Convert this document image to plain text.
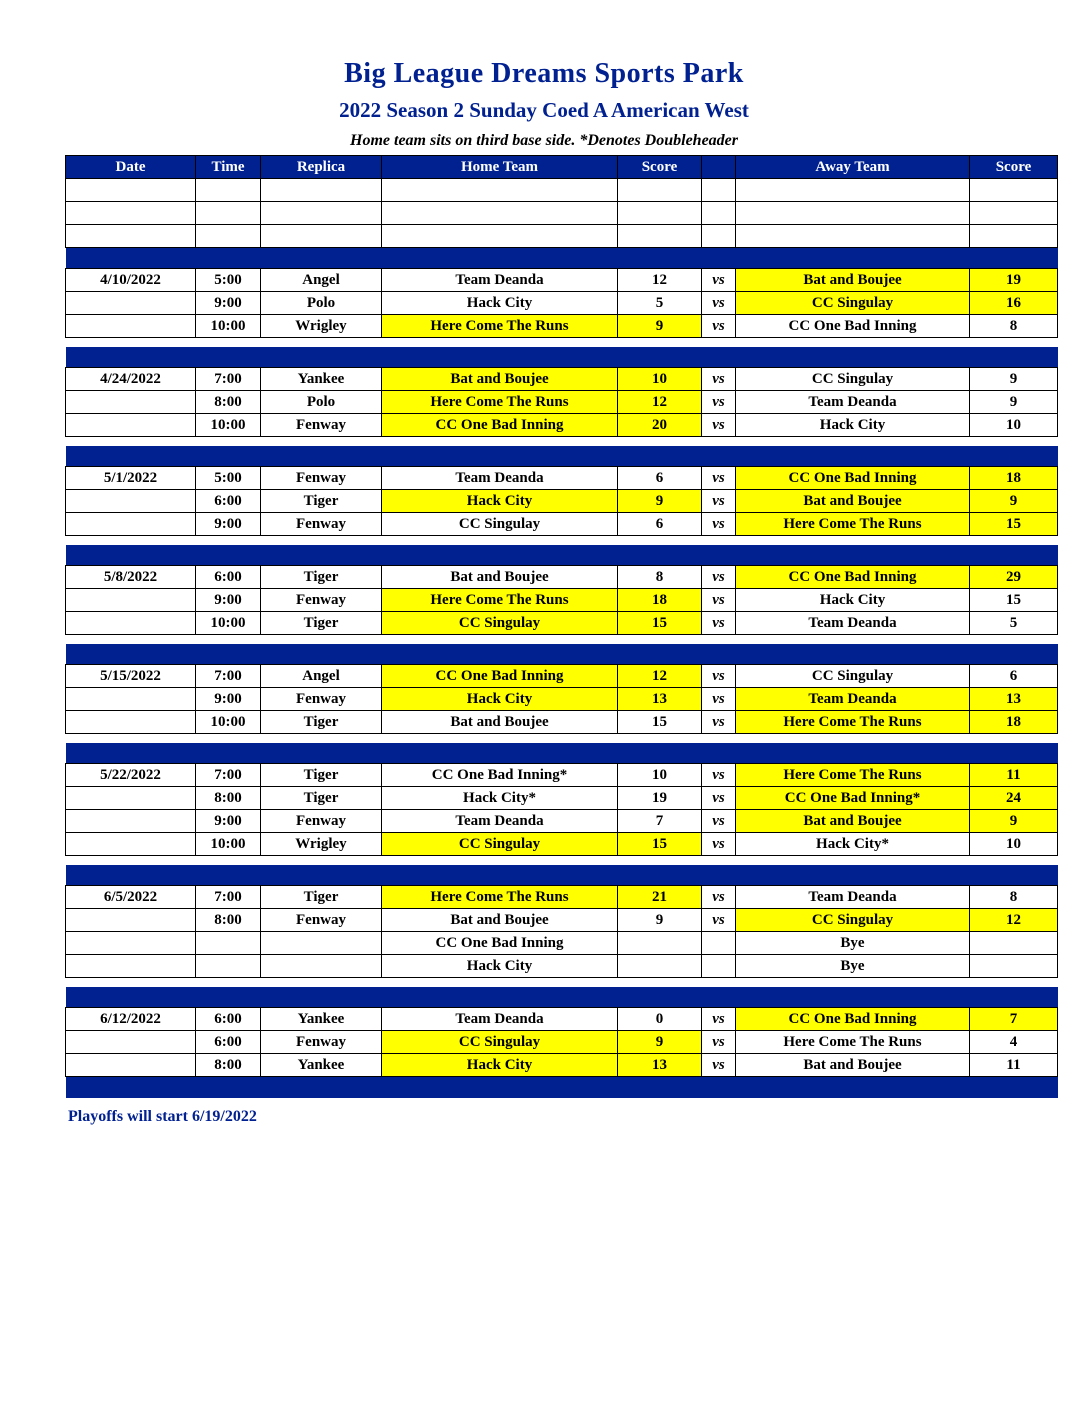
Big League Dreams Sports Park
2022 Season 2 Sunday Coed A American West
Home team sits on third base side. *Denotes Doubleheader
Date	Time	Replica	Home Team	Score		Away Team	Score

4/10/2022	5:00	Angel	Team Deanda	12	vs	Bat and Boujee	19
	9:00	Polo	Hack City	5	vs	CC Singulay	16
	10:00	Wrigley	Here Come The Runs	9	vs	CC One Bad Inning	8

4/24/2022	7:00	Yankee	Bat and Boujee	10	vs	CC Singulay	9
	8:00	Polo	Here Come The Runs	12	vs	Team Deanda	9
	10:00	Fenway	CC One Bad Inning	20	vs	Hack City	10

5/1/2022	5:00	Fenway	Team Deanda	6	vs	CC One Bad Inning	18
	6:00	Tiger	Hack City	9	vs	Bat and Boujee	9
	9:00	Fenway	CC Singulay	6	vs	Here Come The Runs	15

5/8/2022	6:00	Tiger	Bat and Boujee	8	vs	CC One Bad Inning	29
	9:00	Fenway	Here Come The Runs	18	vs	Hack City	15
	10:00	Tiger	CC Singulay	15	vs	Team Deanda	5

5/15/2022	7:00	Angel	CC One Bad Inning	12	vs	CC Singulay	6
	9:00	Fenway	Hack City	13	vs	Team Deanda	13
	10:00	Tiger	Bat and Boujee	15	vs	Here Come The Runs	18

5/22/2022	7:00	Tiger	CC One Bad Inning*	10	vs	Here Come The Runs	11
	8:00	Tiger	Hack City*	19	vs	CC One Bad Inning*	24
	9:00	Fenway	Team Deanda	7	vs	Bat and Boujee	9
	10:00	Wrigley	CC Singulay	15	vs	Hack City*	10

6/5/2022	7:00	Tiger	Here Come The Runs	21	vs	Team Deanda	8
	8:00	Fenway	Bat and Boujee	9	vs	CC Singulay	12
			CC One Bad Inning			Bye	
			Hack City			Bye	

6/12/2022	6:00	Yankee	Team Deanda	0	vs	CC One Bad Inning	7
	6:00	Fenway	CC Singulay	9	vs	Here Come The Runs	4
	8:00	Yankee	Hack City	13	vs	Bat and Boujee	11

Playoffs will start 6/19/2022
